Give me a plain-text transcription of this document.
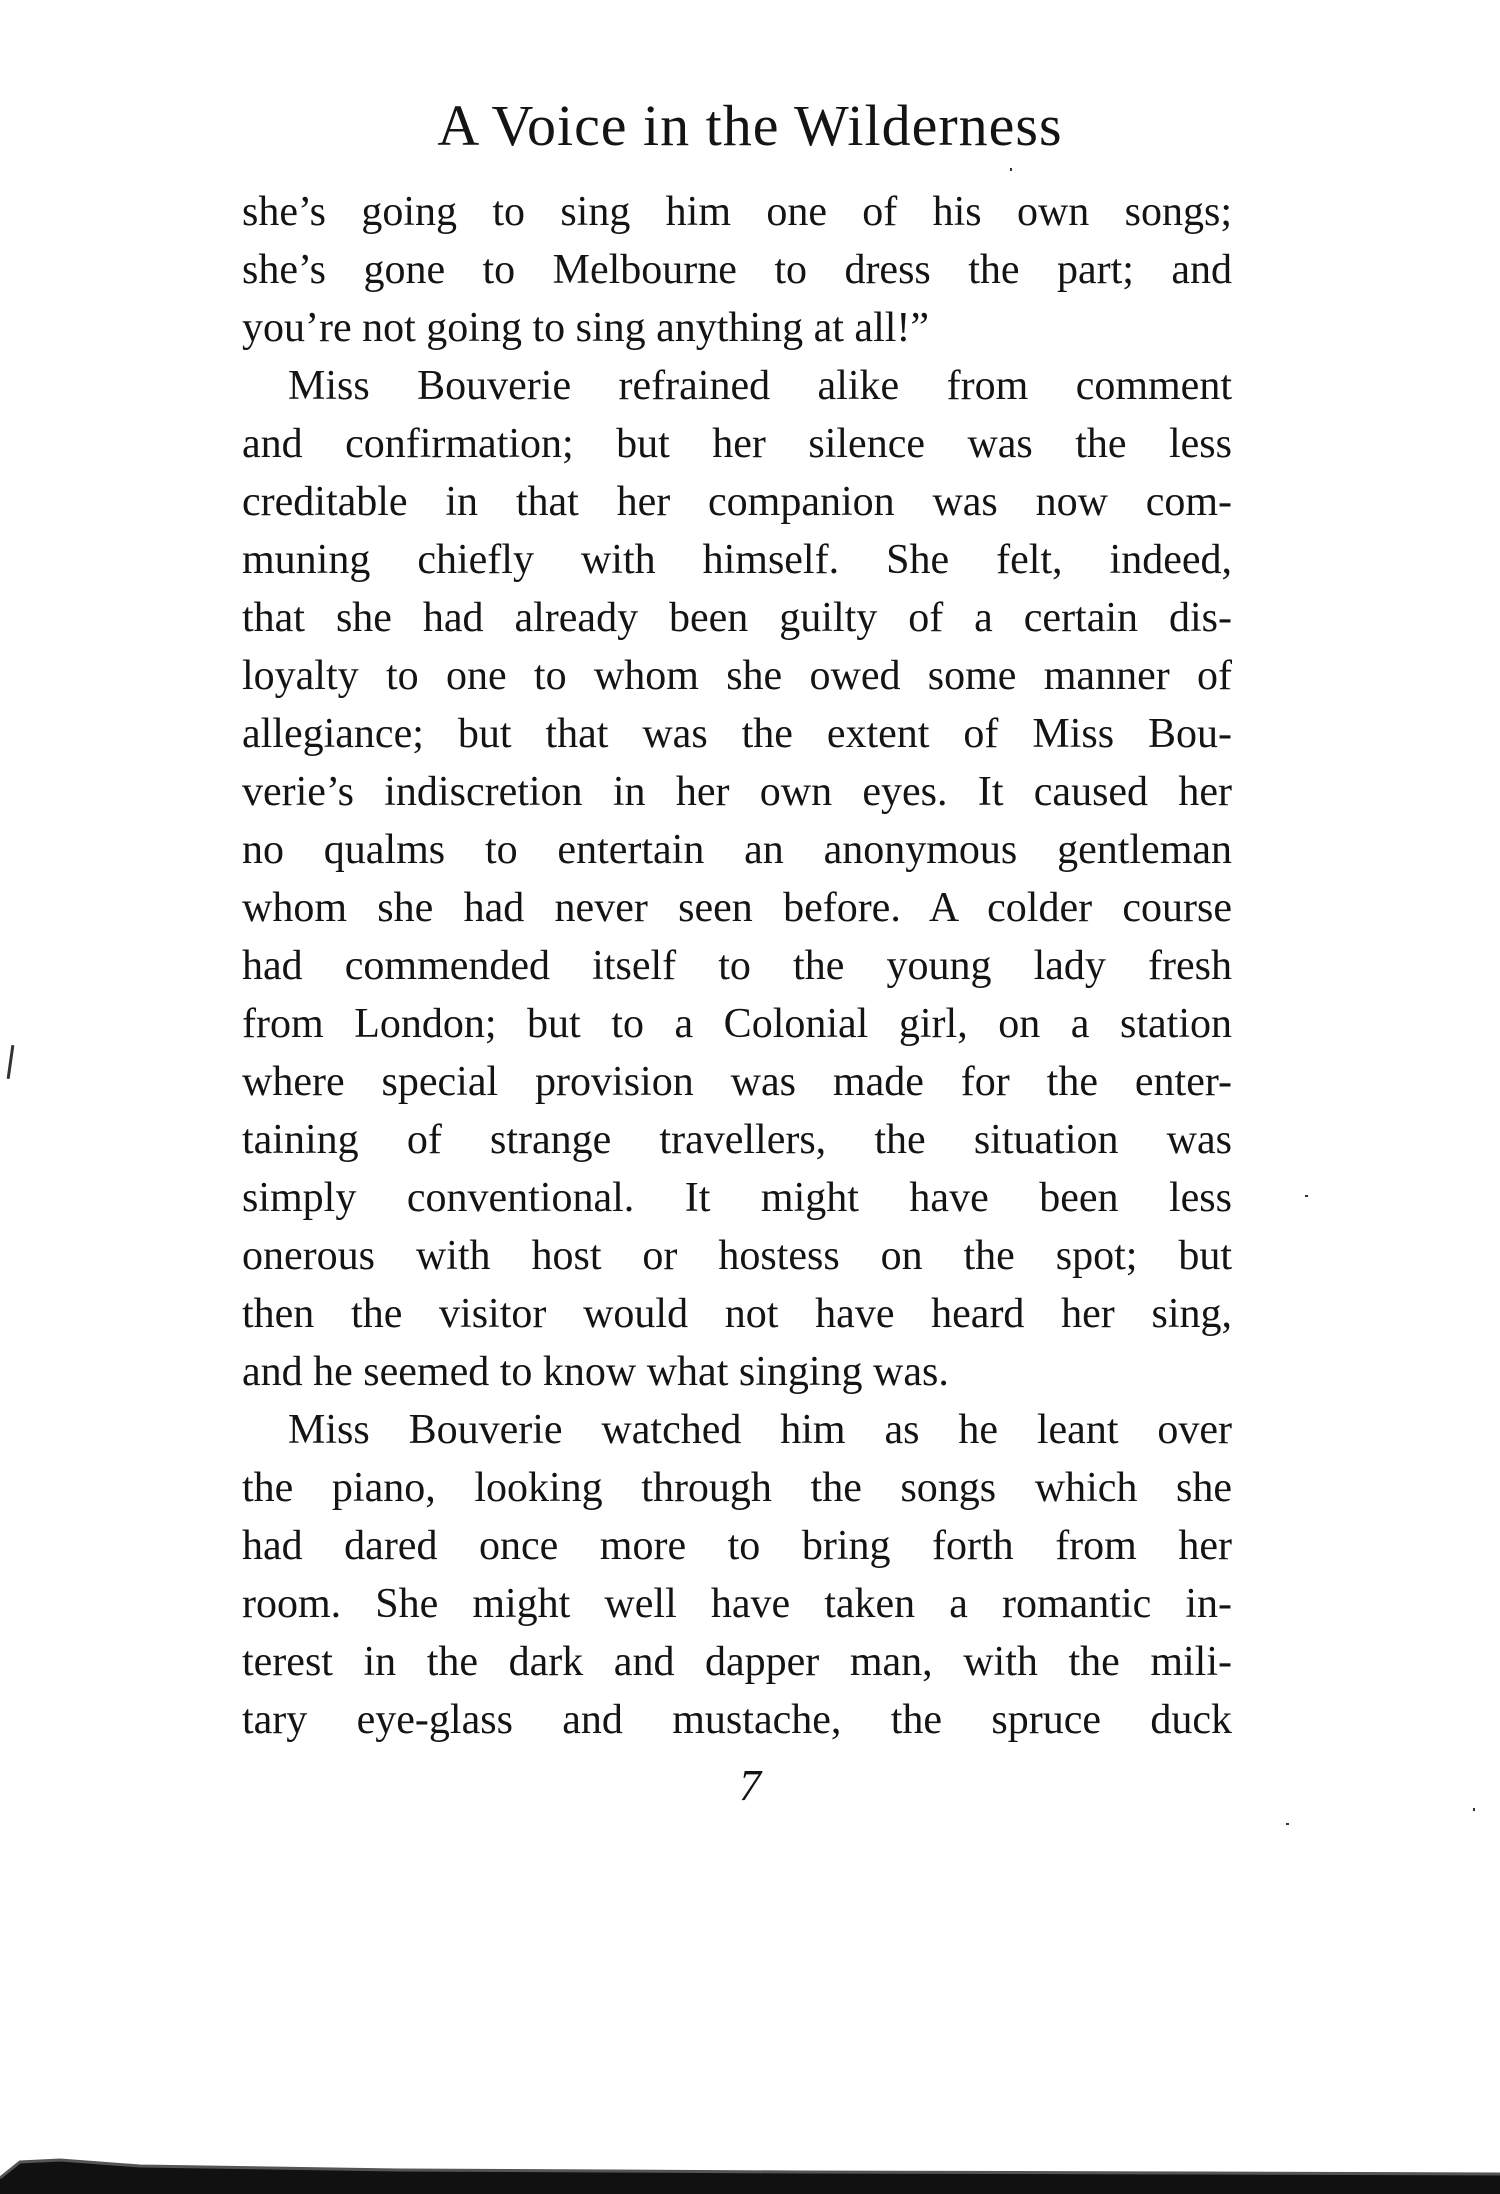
A Voice in the Wilderness
she’s going to sing him one of his own songs;
she’s gone to Melbourne to dress the part; and
you’re not going to sing anything at all!”
Miss Bouverie refrained alike from comment
and confirmation; but her silence was the less
creditable in that her companion was now com-
muning chiefly with himself. She felt, indeed,
that she had already been guilty of a certain dis-
loyalty to one to whom she owed some manner of
allegiance; but that was the extent of Miss Bou-
verie’s indiscretion in her own eyes. It caused her
no qualms to entertain an anonymous gentleman
whom she had never seen before. A colder course
had commended itself to the young lady fresh
from London; but to a Colonial girl, on a station
where special provision was made for the enter-
taining of strange travellers, the situation was
simply conventional. It might have been less
onerous with host or hostess on the spot; but
then the visitor would not have heard her sing,
and he seemed to know what singing was.
Miss Bouverie watched him as he leant over
the piano, looking through the songs which she
had dared once more to bring forth from her
room. She might well have taken a romantic in-
terest in the dark and dapper man, with the mili-
tary eye-glass and mustache, the spruce duck
7
